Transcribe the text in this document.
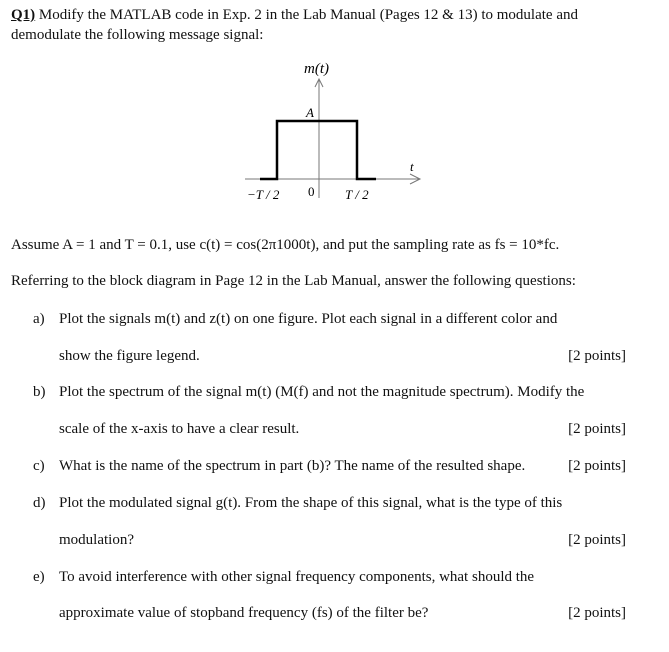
Q1) Modify the MATLAB code in Exp. 2 in the Lab Manual (Pages 12 & 13) to modulate and
demodulate the following message signal:
m(t)
A
t
−T / 2 0 T / 2
Assume A = 1 and T = 0.1, use c(t) = cos(2π1000t), and put the sampling rate as fs = 10*fc.
Referring to the block diagram in Page 12 in the Lab Manual, answer the following questions:
a) Plot the signals m(t) and z(t) on one figure. Plot each signal in a different color and
show the figure legend.	[2 points]
b) Plot the spectrum of the signal m(t) (M(f) and not the magnitude spectrum). Modify the
scale of the x-axis to have a clear result.	[2 points]
c) What is the name of the spectrum in part (b)? The name of the resulted shape.	[2 points]
d) Plot the modulated signal g(t). From the shape of this signal, what is the type of this
modulation?	[2 points]
e) To avoid interference with other signal frequency components, what should the
approximate value of stopband frequency (fs) of the filter be?	[2 points]
